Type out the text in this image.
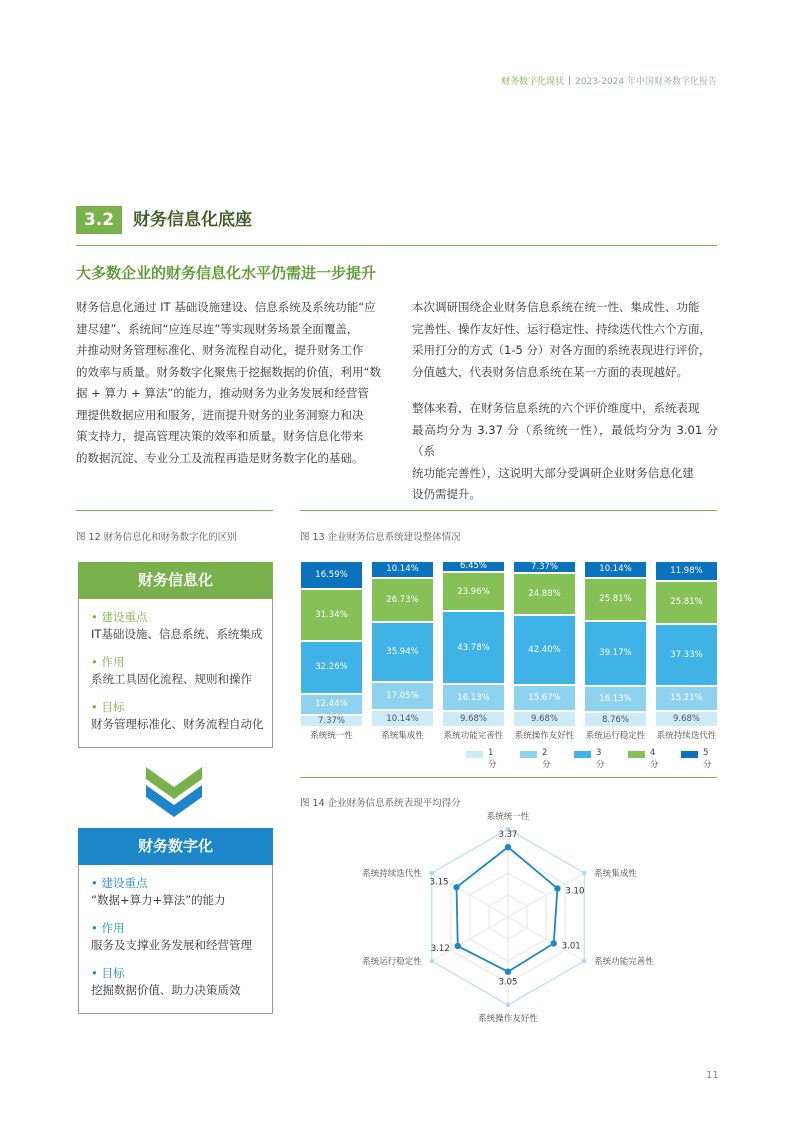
财务数字化现状 2023-2024 年中国财务数字化报告
3.2	财务信息化底座
大多数企业的财务信息化水平仍需进一步提升
财务信息化通过 IT 基础设施建设、信息系统及系统功能“应
建尽建”、系统间“应连尽连”等实现财务场景全面覆盖，
并推动财务管理标准化、财务流程自动化，提升财务工作
的效率与质量。财务数字化聚焦于挖掘数据的价值，利用“数
据 + 算力 + 算法”的能力，推动财务为业务发展和经营管
理提供数据应用和服务，进而提升财务的业务洞察力和决
策支持力，提高管理决策的效率和质量。财务信息化带来
的数据沉淀、专业分工及流程再造是财务数字化的基础。
本次调研围绕企业财务信息系统在统一性、集成性、功能
完善性、操作友好性、运行稳定性、持续迭代性六个方面，
采用打分的方式（1-5 分）对各方面的系统表现进行评价，
分值越大，代表财务信息系统在某一方面的表现越好。
整体来看，在财务信息系统的六个评价维度中，系统表现
最高均分为 3.37 分（系统统一性），最低均分为 3.01 分（系
统功能完善性），这说明大部分受调研企业财务信息化建
设仍需提升。
图 12 财务信息化和财务数字化的区别
财务信息化
• 建设重点
IT基础设施、信息系统、系统集成
• 作用
系统工具固化流程、规则和操作
• 目标
财务管理标准化、财务流程自动化
财务数字化
• 建设重点
“数据+算力+算法”的能力
• 作用
服务及支撑业务发展和经营管理
• 目标
挖掘数据价值、助力决策质效
图 13 企业财务信息系统建设整体情况
7.37%
12.44%
32.26%
31.34%
16.59%
系统统一性
10.14%
17.05%
35.94%
26.73%
10.14%
系统集成性
9.68%
16.13%
43.78%
23.96%
6.45%
系统功能完善性
9.68%
15.67%
42.40%
24.88%
7.37%
系统操作友好性
8.76%
16.13%
39.17%
25.81%
10.14%
系统运行稳定性
9.68%
15.21%
37.33%
25.81%
11.98%
系统持续迭代性
1分
2分
3分
4分
5分
图 14 企业财务信息系统表现平均得分
3.37
3.10
3.01
3.05
3.12
3.15
系统统一性
系统集成性
系统功能完善性
系统操作友好性
系统运行稳定性
系统持续迭代性
11
